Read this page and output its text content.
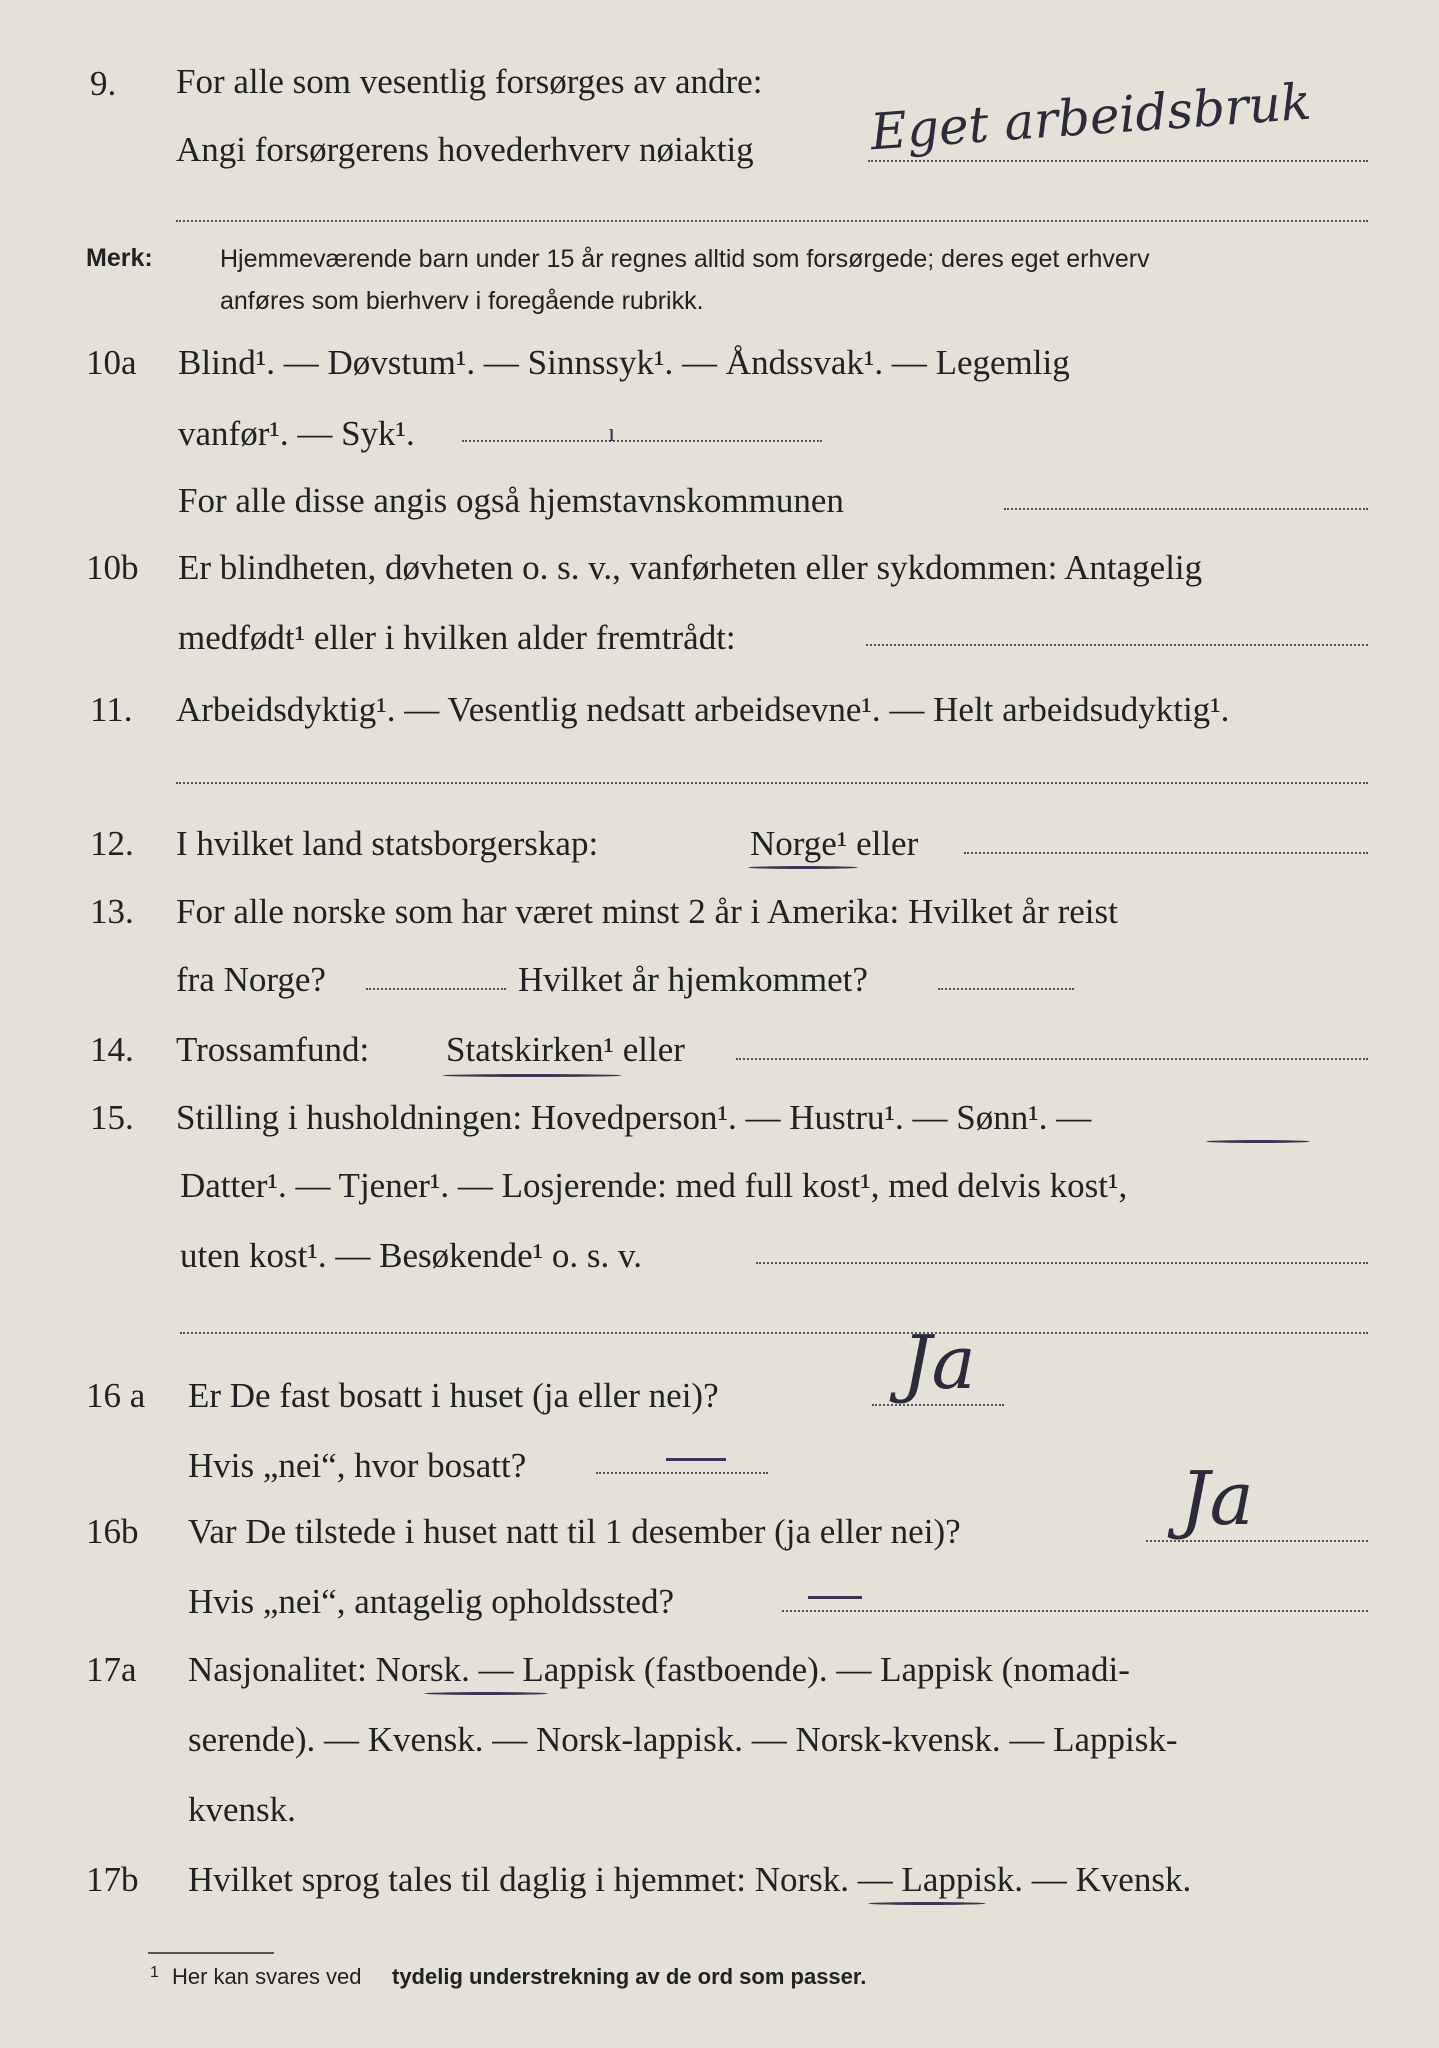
9. For alle som vesentlig forsørges av andre:
Angi forsørgerens hovederhverv nøiaktig Eget arbeidsbruk
Merk:	Hjemmeværende barn under 15 år regnes alltid som forsørgede; deres eget erhverv
anføres som bierhverv i foregående rubrikk.
10a Blind¹. — Døvstum¹. — Sinnssyk¹. — Åndssvak¹. — Legemlig
vanfør¹. — Syk¹.	ı
For alle disse angis også hjemstavnskommunen
10b Er blindheten, døvheten o. s. v., vanførheten eller sykdommen: Antagelig
medfødt¹ eller i hvilken alder fremtrådt:
11. Arbeidsdyktig¹. — Vesentlig nedsatt arbeidsevne¹. — Helt arbeidsudyktig¹.
12. I hvilket land statsborgerskap:	Norge¹ eller
13. For alle norske som har været minst 2 år i Amerika: Hvilket år reist
fra Norge?	Hvilket år hjemkommet?
14. Trossamfund: Statskirken¹ eller
15. Stilling i husholdningen: Hovedperson¹. — Hustru¹. — Sønn¹. —
Datter¹. — Tjener¹. — Losjerende: med full kost¹, med delvis kost¹,
uten kost¹. — Besøkende¹ o. s. v.
16 a Er De fast bosatt i huset (ja eller nei)? Ja
Hvis „nei“, hvor bosatt?
16b Var De tilstede i huset natt til 1 desember (ja eller nei)?	Ja
Hvis „nei“, antagelig opholdssted?
17a Nasjonalitet: Norsk. — Lappisk (fastboende). — Lappisk (nomadi-
serende). — Kvensk. — Norsk-lappisk. — Norsk-kvensk. — Lappisk-
kvensk.
17b Hvilket sprog tales til daglig i hjemmet: Norsk. — Lappisk. — Kvensk.
1 Her kan svares ved tydelig understrekning av de ord som passer.
